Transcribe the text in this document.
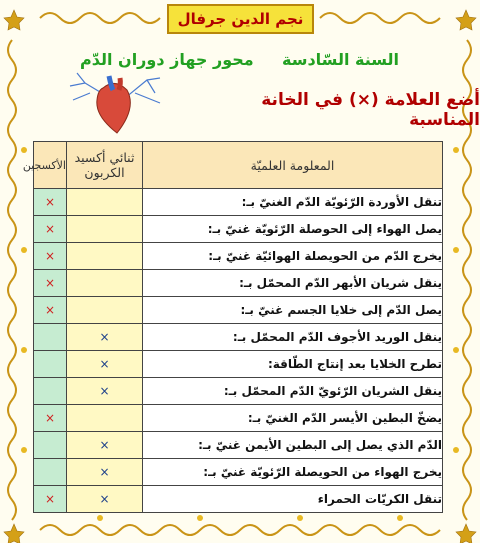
نجم الدين جرفال
السنة السّادسة
محور جهاز دوران الدّم
أضع العلامة (×) في الخانة المناسبة
المعلومة العلميّة	ثنائي أكسيد الكربون	الأكسجين
تنقل الأوردة الرّئويّة الدّم الغنيّ بـ:		×
يصل الهواء إلى الحوصلة الرّئويّة غنيّ بـ:		×
يخرج الدّم من الحويصلة الهوائيّة غنيّ بـ:		×
ينقل شريان الأبهر الدّم المحمّل بـ:		×
يصل الدّم إلى خلايا الجسم غنيّ بـ:		×
ينقل الوريد الأجوف الدّم المحمّل بـ:	×	
تطرح الخلايا بعد إنتاج الطّاقة:	×	
ينقل الشريان الرّئويّ الدّم المحمّل بـ:	×	
يضخّ البطين الأيسر الدّم الغنيّ بـ:		×
الدّم الذي يصل إلى البطين الأيمن غنيّ بـ:	×	
يخرج الهواء من الحويصلة الرّئويّة غنيّ بـ:	×	
تنقل الكريّات الحمراء	×	×
